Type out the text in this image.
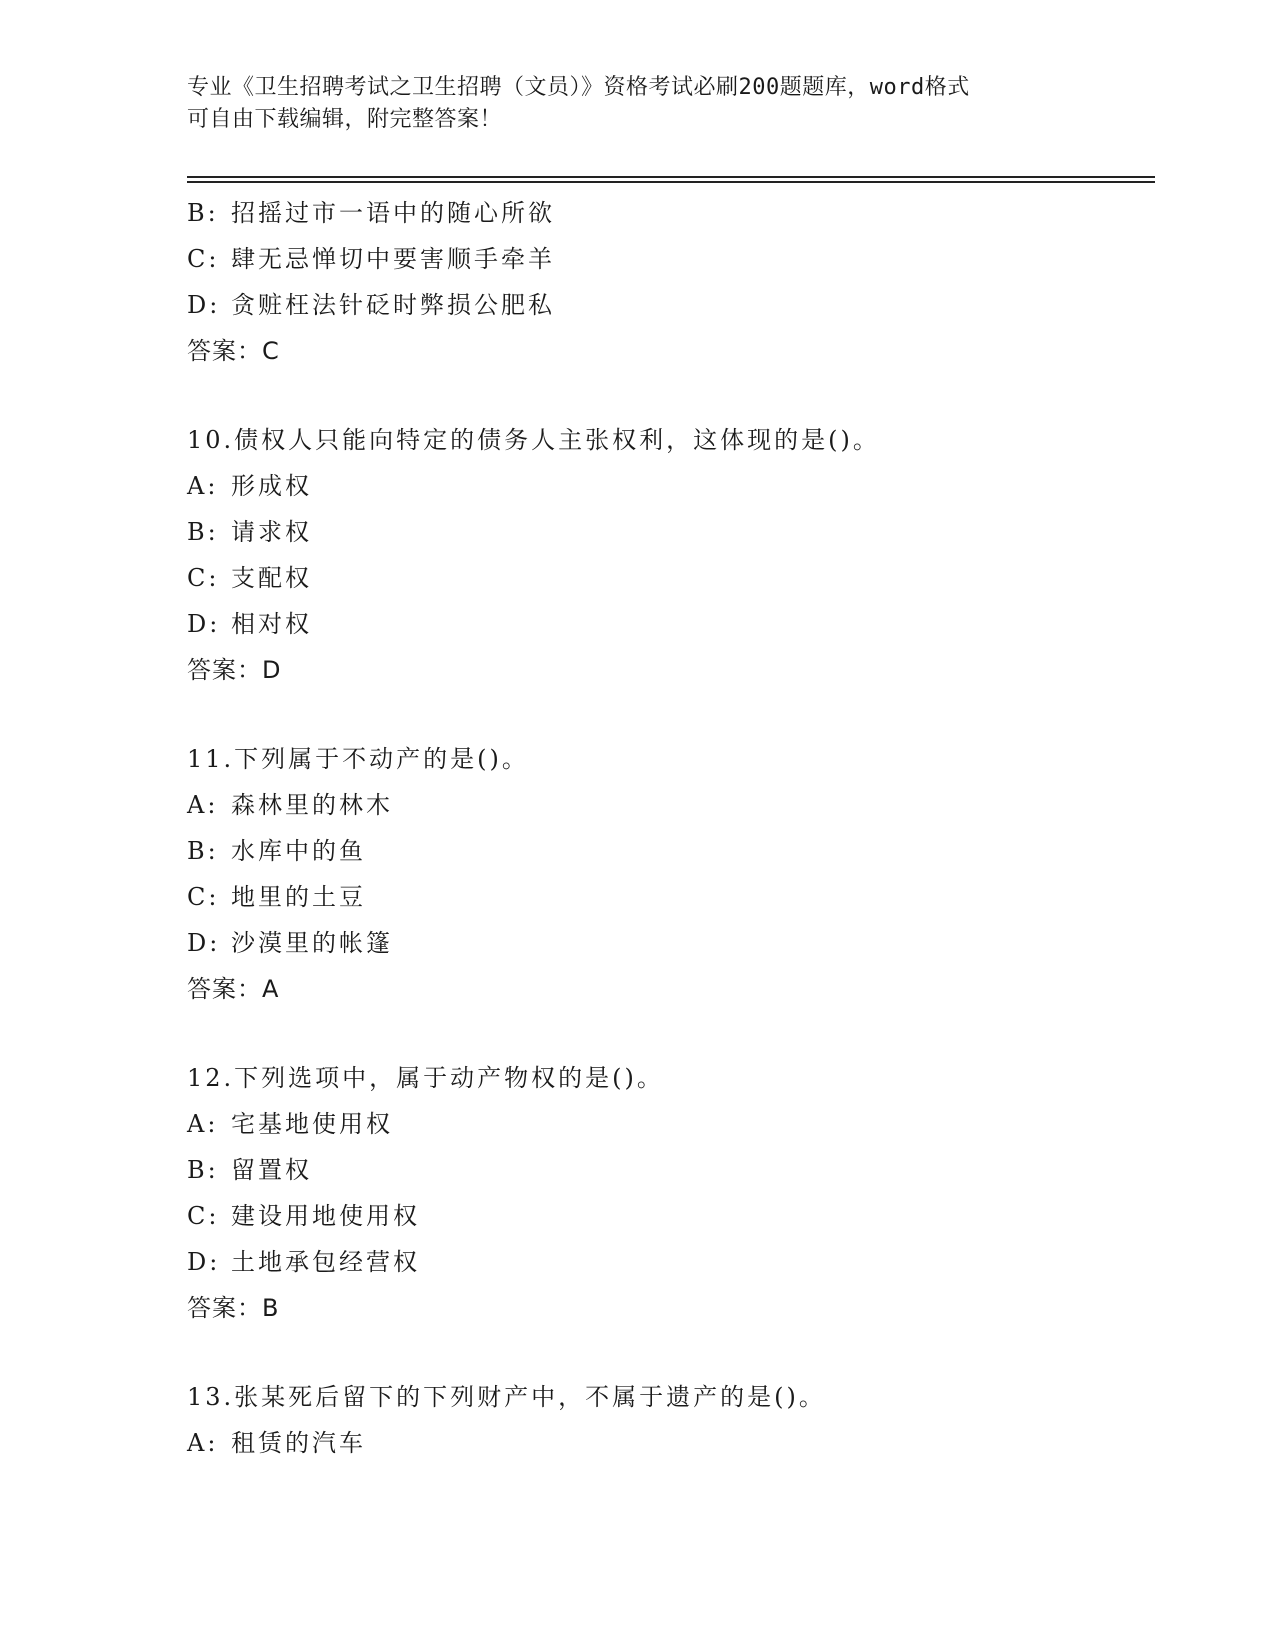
专业《卫生招聘考试之卫生招聘（文员）》资格考试必刷200题题库，word格式
可自由下载编辑，附完整答案！
B: 招摇过市一语中的随心所欲
C: 肆无忌惮切中要害顺手牵羊
D: 贪赃枉法针砭时弊损公肥私
答案：C
10.债权人只能向特定的债务人主张权利，这体现的是()。
A: 形成权
B: 请求权
C: 支配权
D: 相对权
答案：D
11.下列属于不动产的是()。
A: 森林里的林木
B: 水库中的鱼
C: 地里的土豆
D: 沙漠里的帐篷
答案：A
12.下列选项中，属于动产物权的是()。
A: 宅基地使用权
B: 留置权
C: 建设用地使用权
D: 土地承包经营权
答案：B
13.张某死后留下的下列财产中，不属于遗产的是()。
A: 租赁的汽车
